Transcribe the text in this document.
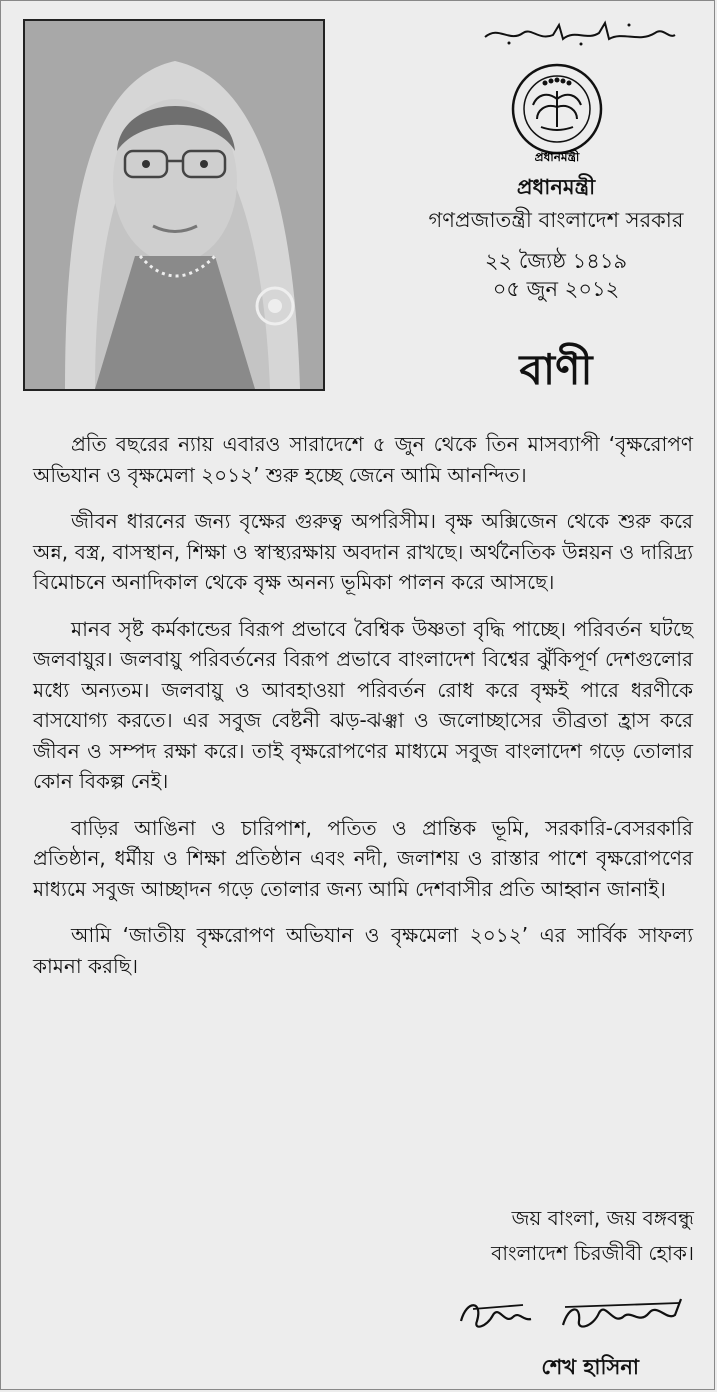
প্রধানমন্ত্রী
প্রধানমন্ত্রী
গণপ্রজাতন্ত্রী বাংলাদেশ সরকার
২২ জ্যৈষ্ঠ ১৪১৯
০৫ জুন ২০১২
বাণী

প্রতি বছরের ন্যায় এবারও সারাদেশে ৫ জুন থেকে তিন মাসব্যাপী ‘বৃক্ষরোপণ অভিযান ও বৃক্ষমেলা ২০১২’ শুরু হচ্ছে জেনে আমি আনন্দিত।

জীবন ধারনের জন্য বৃক্ষের গুরুত্ব অপরিসীম। বৃক্ষ অক্সিজেন থেকে শুরু করে অন্ন, বস্ত্র, বাসস্থান, শিক্ষা ও স্বাস্থ্যরক্ষায় অবদান রাখছে। অর্থনৈতিক উন্নয়ন ও দারিদ্র্য বিমোচনে অনাদিকাল থেকে বৃক্ষ অনন্য ভূমিকা পালন করে আসছে।

মানব সৃষ্ট কর্মকান্ডের বিরূপ প্রভাবে বৈশ্বিক উষ্ণতা বৃদ্ধি পাচ্ছে। পরিবর্তন ঘটছে জলবায়ুর। জলবায়ু পরিবর্তনের বিরূপ প্রভাবে বাংলাদেশ বিশ্বের ঝুঁকিপূর্ণ দেশগুলোর মধ্যে অন্যতম। জলবায়ু ও আবহাওয়া পরিবর্তন রোধ করে বৃক্ষই পারে ধরণীকে বাসযোগ্য করতে। এর সবুজ বেষ্টনী ঝড়-ঝঞ্ঝা ও জলোচ্ছাসের তীব্রতা হ্রাস করে জীবন ও সম্পদ রক্ষা করে। তাই বৃক্ষরোপণের মাধ্যমে সবুজ বাংলাদেশ গড়ে তোলার কোন বিকল্প নেই।

বাড়ির আঙিনা ও চারিপাশ, পতিত ও প্রান্তিক ভূমি, সরকারি-বেসরকারি প্রতিষ্ঠান, ধর্মীয় ও শিক্ষা প্রতিষ্ঠান এবং নদী, জলাশয় ও রাস্তার পাশে বৃক্ষরোপণের মাধ্যমে সবুজ আচ্ছাদন গড়ে তোলার জন্য আমি দেশবাসীর প্রতি আহ্বান জানাই।

আমি ‘জাতীয় বৃক্ষরোপণ অভিযান ও বৃক্ষমেলা ২০১২’ এর সার্বিক সাফল্য কামনা করছি।

জয় বাংলা, জয় বঙ্গবন্ধু
বাংলাদেশ চিরজীবী হোক।
শেখ হাসিনা
